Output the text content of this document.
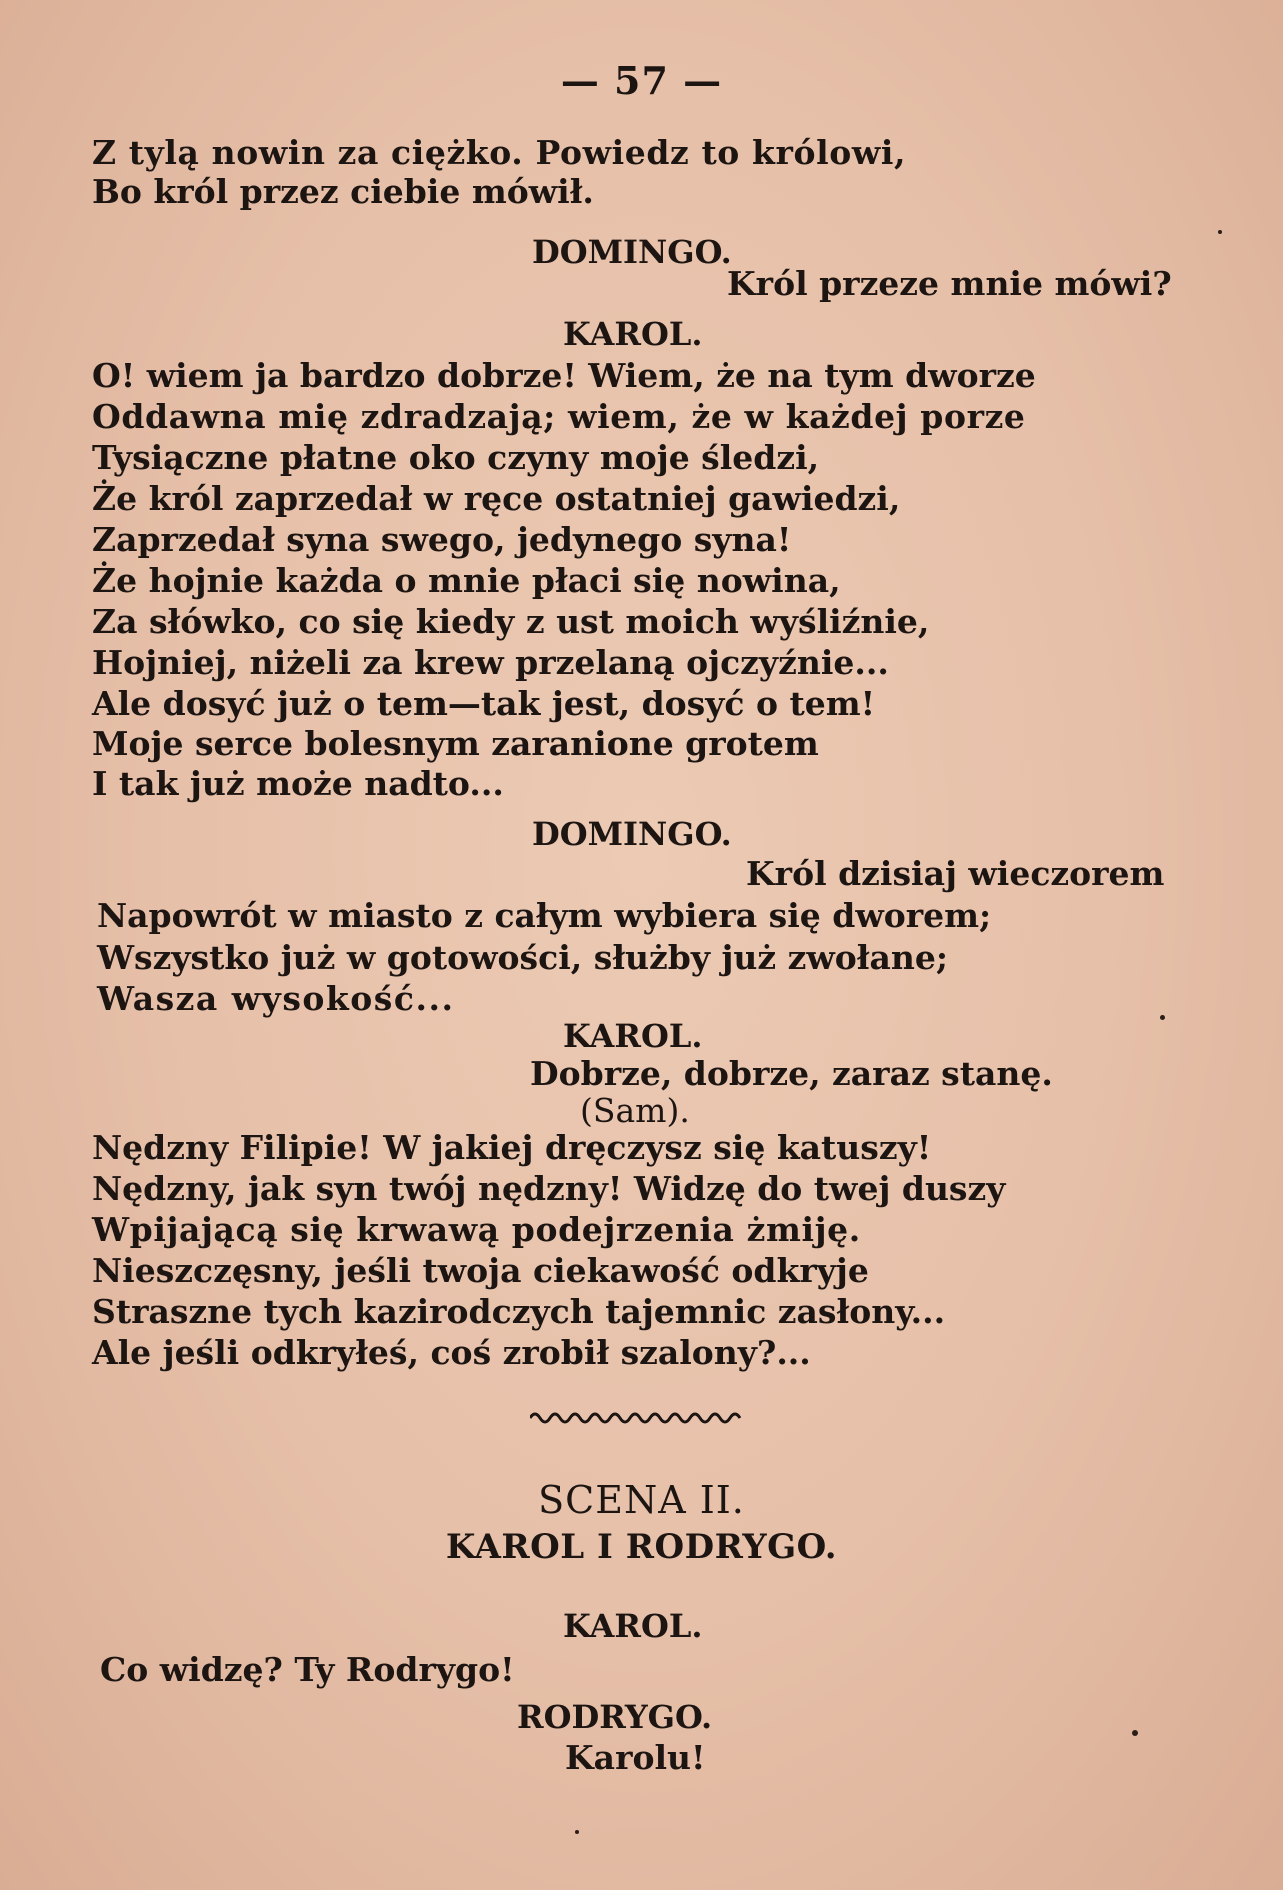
— 57 —
Z tylą nowin za ciężko. Powiedz to królowi,
Bo król przez ciebie mówił.
DOMINGO.
Król przeze mnie mówi?
KAROL.
O! wiem ja bardzo dobrze! Wiem, że na tym dworze
Oddawna mię zdradzają; wiem, że w każdej porze
Tysiączne płatne oko czyny moje śledzi,
Że król zaprzedał w ręce ostatniej gawiedzi,
Zaprzedał syna swego, jedynego syna!
Że hojnie każda o mnie płaci się nowina,
Za słówko, co się kiedy z ust moich wyśliźnie,
Hojniej, niżeli za krew przelaną ojczyźnie...
Ale dosyć już o tem—tak jest, dosyć o tem!
Moje serce bolesnym zaranione grotem
I tak już może nadto...
DOMINGO.
Król dzisiaj wieczorem
Napowrót w miasto z całym wybiera się dworem;
Wszystko już w gotowości, służby już zwołane;
Wasza wysokość...
KAROL.
Dobrze, dobrze, zaraz stanę.
(Sam).
Nędzny Filipie! W jakiej dręczysz się katuszy!
Nędzny, jak syn twój nędzny! Widzę do twej duszy
Wpijającą się krwawą podejrzenia żmiję.
Nieszczęsny, jeśli twoja ciekawość odkryje
Straszne tych kazirodczych tajemnic zasłony...
Ale jeśli odkryłeś, coś zrobił szalony?...
SCENA II.
KAROL I RODRYGO.
KAROL.
Co widzę? Ty Rodrygo!
RODRYGO.
Karolu!
